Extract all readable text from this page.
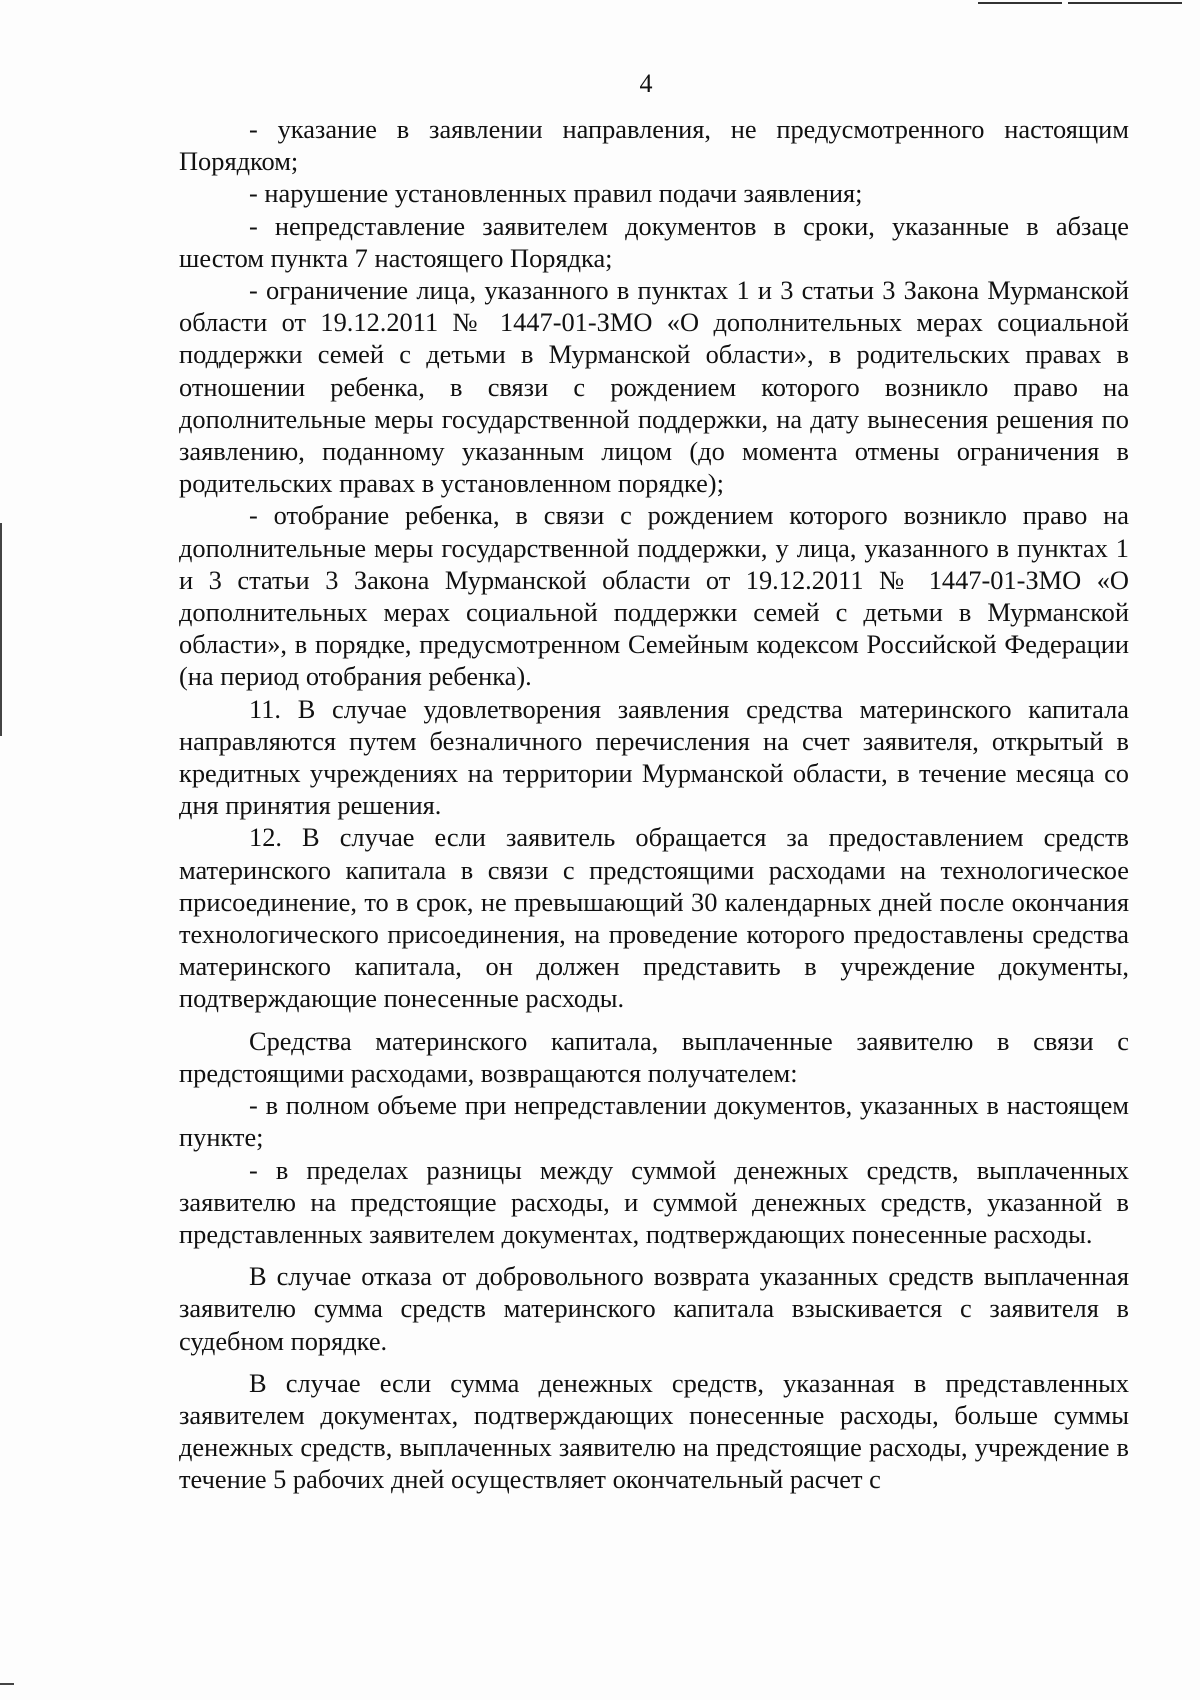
4

- указание в заявлении направления, не предусмотренного настоящим Порядком;

- нарушение установленных правил подачи заявления;

- непредставление заявителем документов в сроки, указанные в абзаце шестом пункта 7 настоящего Порядка;

- ограничение лица, указанного в пунктах 1 и 3 статьи 3 Закона Мурманской области от 19.12.2011 № 1447-01-ЗМО «О дополнительных мерах социальной поддержки семей с детьми в Мурманской области», в родительских правах в отношении ребенка, в связи с рождением которого возникло право на дополнительные меры государственной поддержки, на дату вынесения решения по заявлению, поданному указанным лицом (до момента отмены ограничения в родительских правах в установленном порядке);

- отобрание ребенка, в связи с рождением которого возникло право на дополнительные меры государственной поддержки, у лица, указанного в пунктах 1 и 3 статьи 3 Закона Мурманской области от 19.12.2011 № 1447-01-ЗМО «О дополнительных мерах социальной поддержки семей с детьми в Мурманской области», в порядке, предусмотренном Семейным кодексом Российской Федерации (на период отобрания ребенка).

11. В случае удовлетворения заявления средства материнского капитала направляются путем безналичного перечисления на счет заявителя, открытый в кредитных учреждениях на территории Мурманской области, в течение месяца со дня принятия решения.

12. В случае если заявитель обращается за предоставлением средств материнского капитала в связи с предстоящими расходами на технологическое присоединение, то в срок, не превышающий 30 календарных дней после окончания технологического присоединения, на проведение которого предоставлены средства материнского капитала, он должен представить в учреждение документы, подтверждающие понесенные расходы.

Средства материнского капитала, выплаченные заявителю в связи с предстоящими расходами, возвращаются получателем:

- в полном объеме при непредставлении документов, указанных в настоящем пункте;

- в пределах разницы между суммой денежных средств, выплаченных заявителю на предстоящие расходы, и суммой денежных средств, указанной в представленных заявителем документах, подтверждающих понесенные расходы.

В случае отказа от добровольного возврата указанных средств выплаченная заявителю сумма средств материнского капитала взыскивается с заявителя в судебном порядке.

В случае если сумма денежных средств, указанная в представленных заявителем документах, подтверждающих понесенные расходы, больше суммы денежных средств, выплаченных заявителю на предстоящие расходы, учреждение в течение 5 рабочих дней осуществляет окончательный расчет с
